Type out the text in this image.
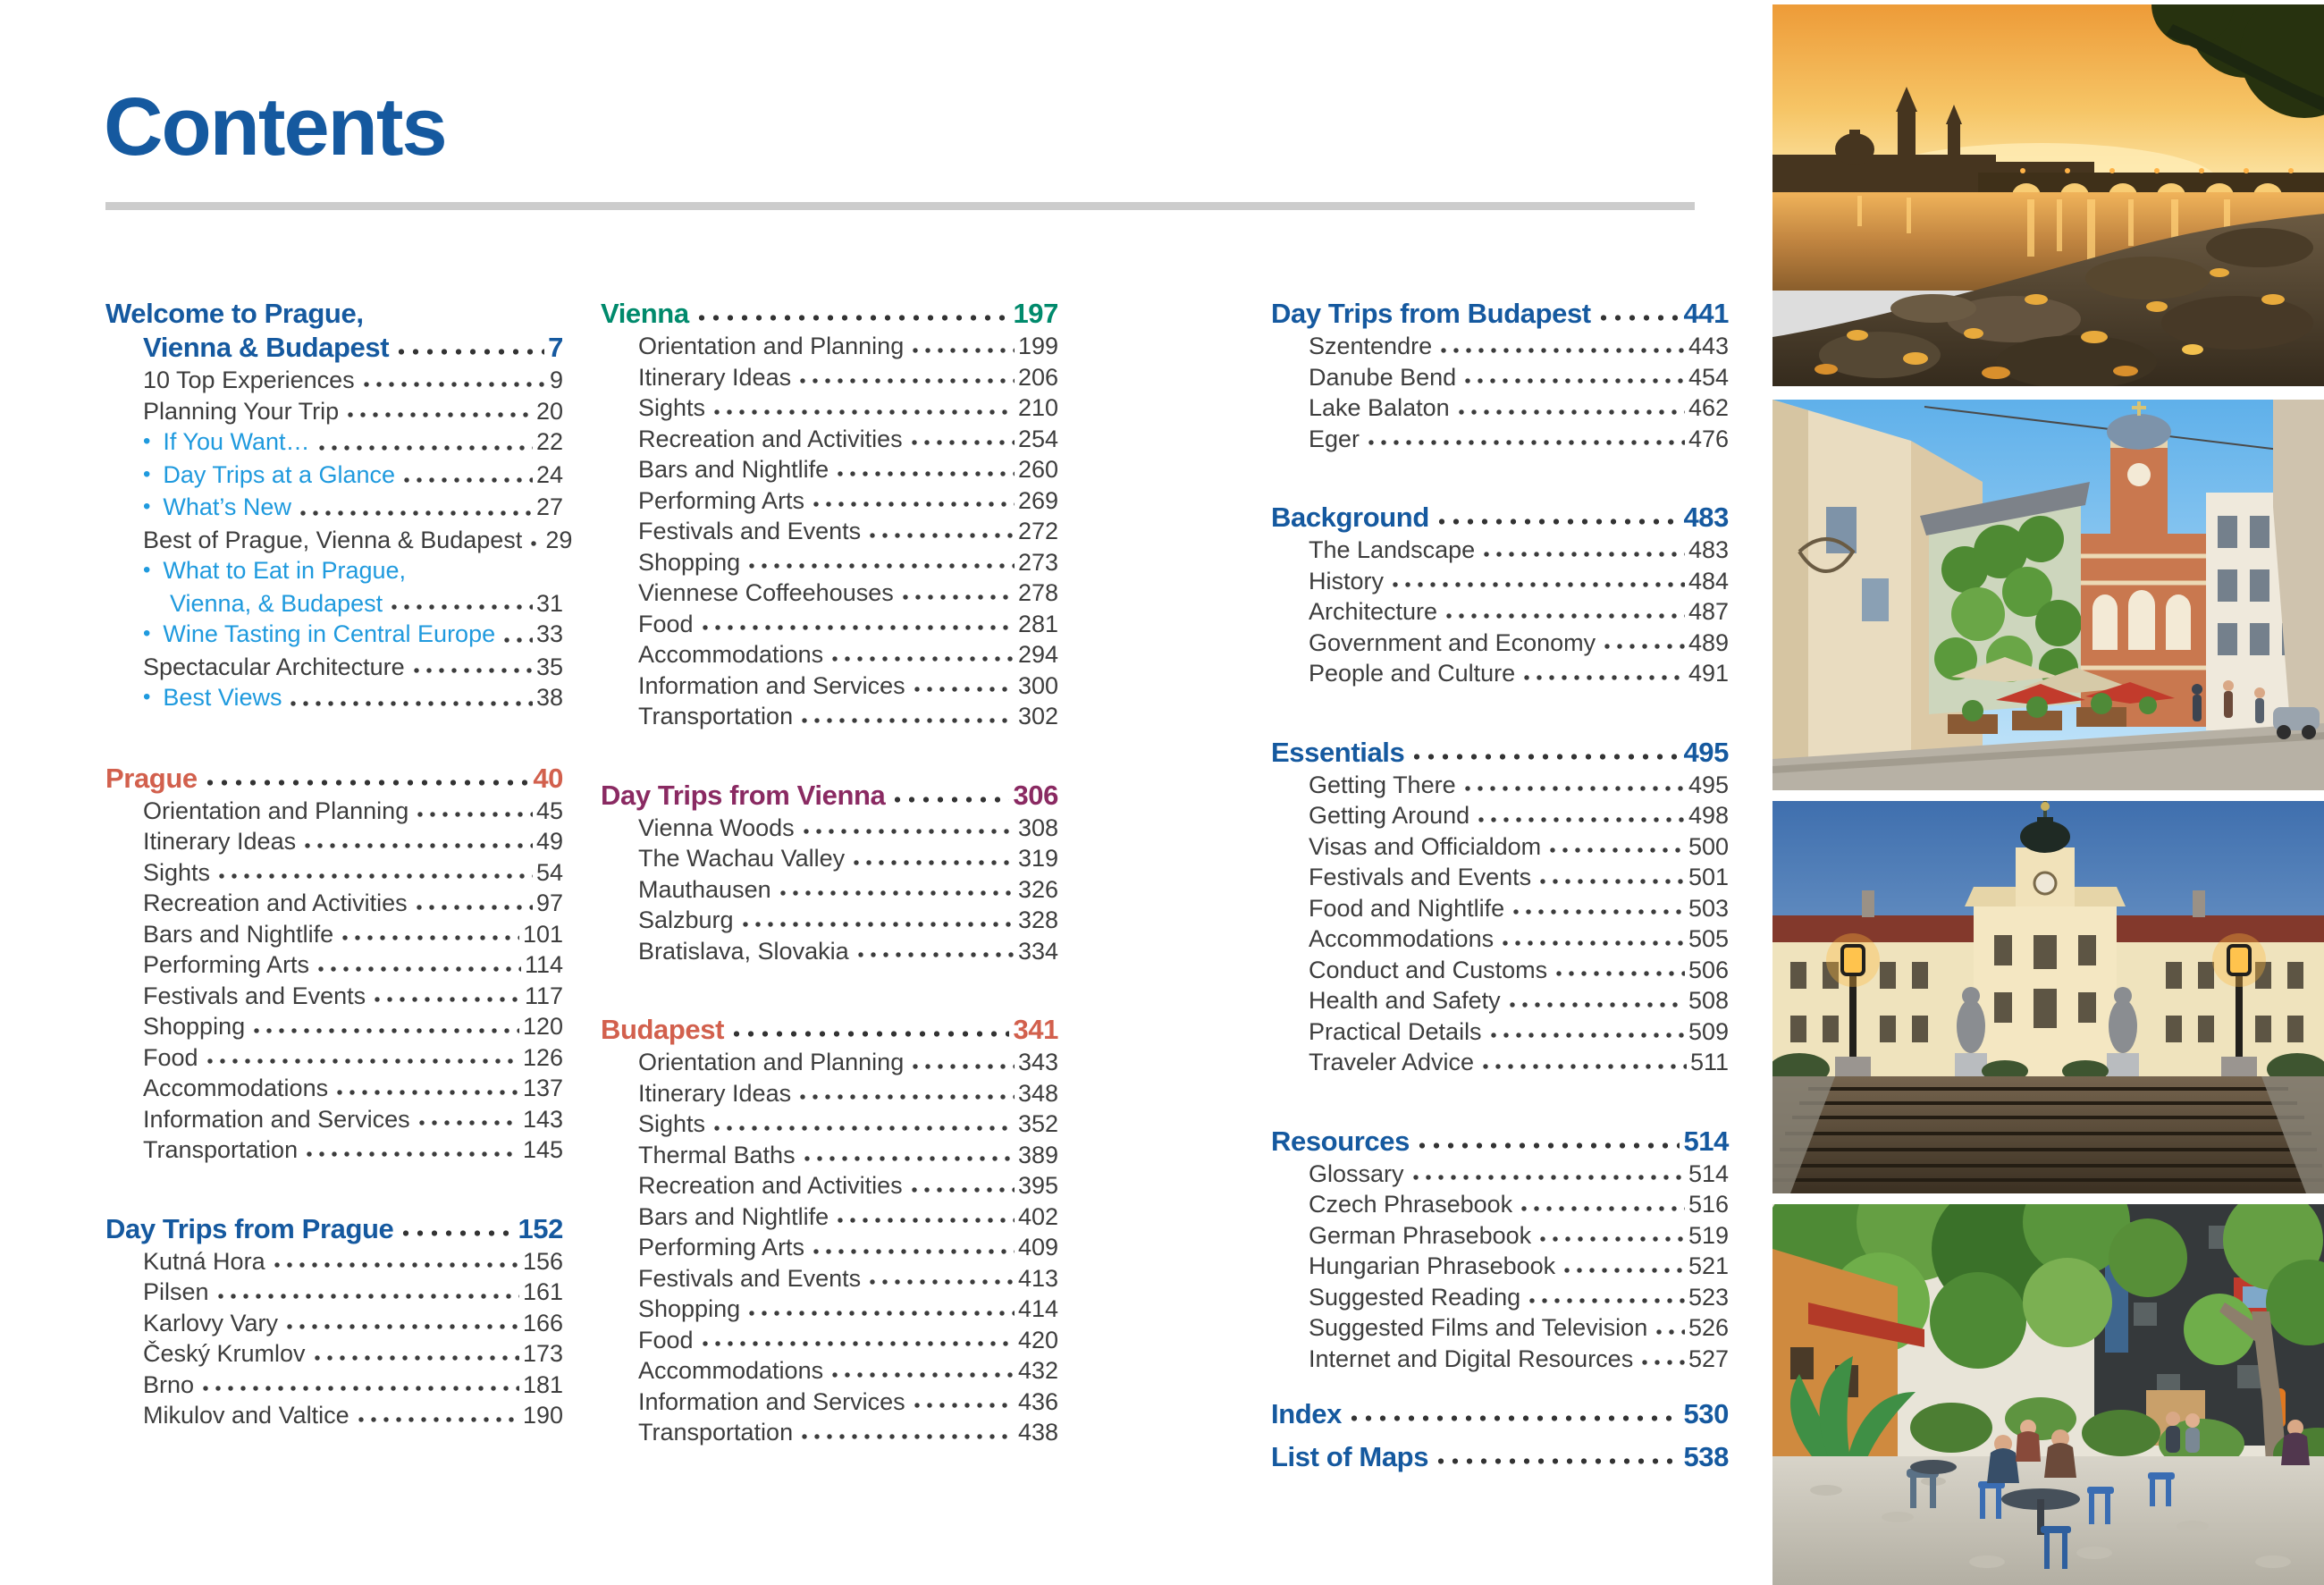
Contents
Welcome to Prague,
Vienna & Budapest	7
10 Top Experiences	9
Planning Your Trip	20
• If You Want…	22
• Day Trips at a Glance	24
• What’s New	27
Best of Prague, Vienna & Budapest 29
• What to Eat in Prague,
Vienna, & Budapest	31
• Wine Tasting in Central Europe 33
Spectacular Architecture	35
• Best Views	38
Prague	40
Orientation and Planning	45
Itinerary Ideas	49
Sights	54
Recreation and Activities	97
Bars and Nightlife	101
Performing Arts	114
Festivals and Events	117
Shopping	120
Food	126
Accommodations	137
Information and Services	143
Transportation	145
Day Trips from Prague	152
Kutná Hora	156
Pilsen	161
Karlovy Vary	166
Český Krumlov	173
Brno	181
Mikulov and Valtice	190
Vienna	197
Orientation and Planning	199
Itinerary Ideas	206
Sights	210
Recreation and Activities	254
Bars and Nightlife	260
Performing Arts	269
Festivals and Events	272
Shopping	273
Viennese Coffeehouses	278
Food	281
Accommodations	294
Information and Services	300
Transportation	302
Day Trips from Vienna	306
Vienna Woods	308
The Wachau Valley	319
Mauthausen	326
Salzburg	328
Bratislava, Slovakia	334
Budapest	341
Orientation and Planning	343
Itinerary Ideas	348
Sights	352
Thermal Baths	389
Recreation and Activities	395
Bars and Nightlife	402
Performing Arts	409
Festivals and Events	413
Shopping	414
Food	420
Accommodations	432
Information and Services	436
Transportation	438
Day Trips from Budapest	441
Szentendre	443
Danube Bend	454
Lake Balaton	462
Eger	476
Background	483
The Landscape	483
History	484
Architecture	487
Government and Economy	489
People and Culture	491
Essentials	495
Getting There	495
Getting Around	498
Visas and Officialdom	500
Festivals and Events	501
Food and Nightlife	503
Accommodations	505
Conduct and Customs	506
Health and Safety	508
Practical Details	509
Traveler Advice	511
Resources	514
Glossary	514
Czech Phrasebook	516
German Phrasebook	519
Hungarian Phrasebook	521
Suggested Reading	523
Suggested Films and Television 526
Internet and Digital Resources 527
Index	530
List of Maps	538
